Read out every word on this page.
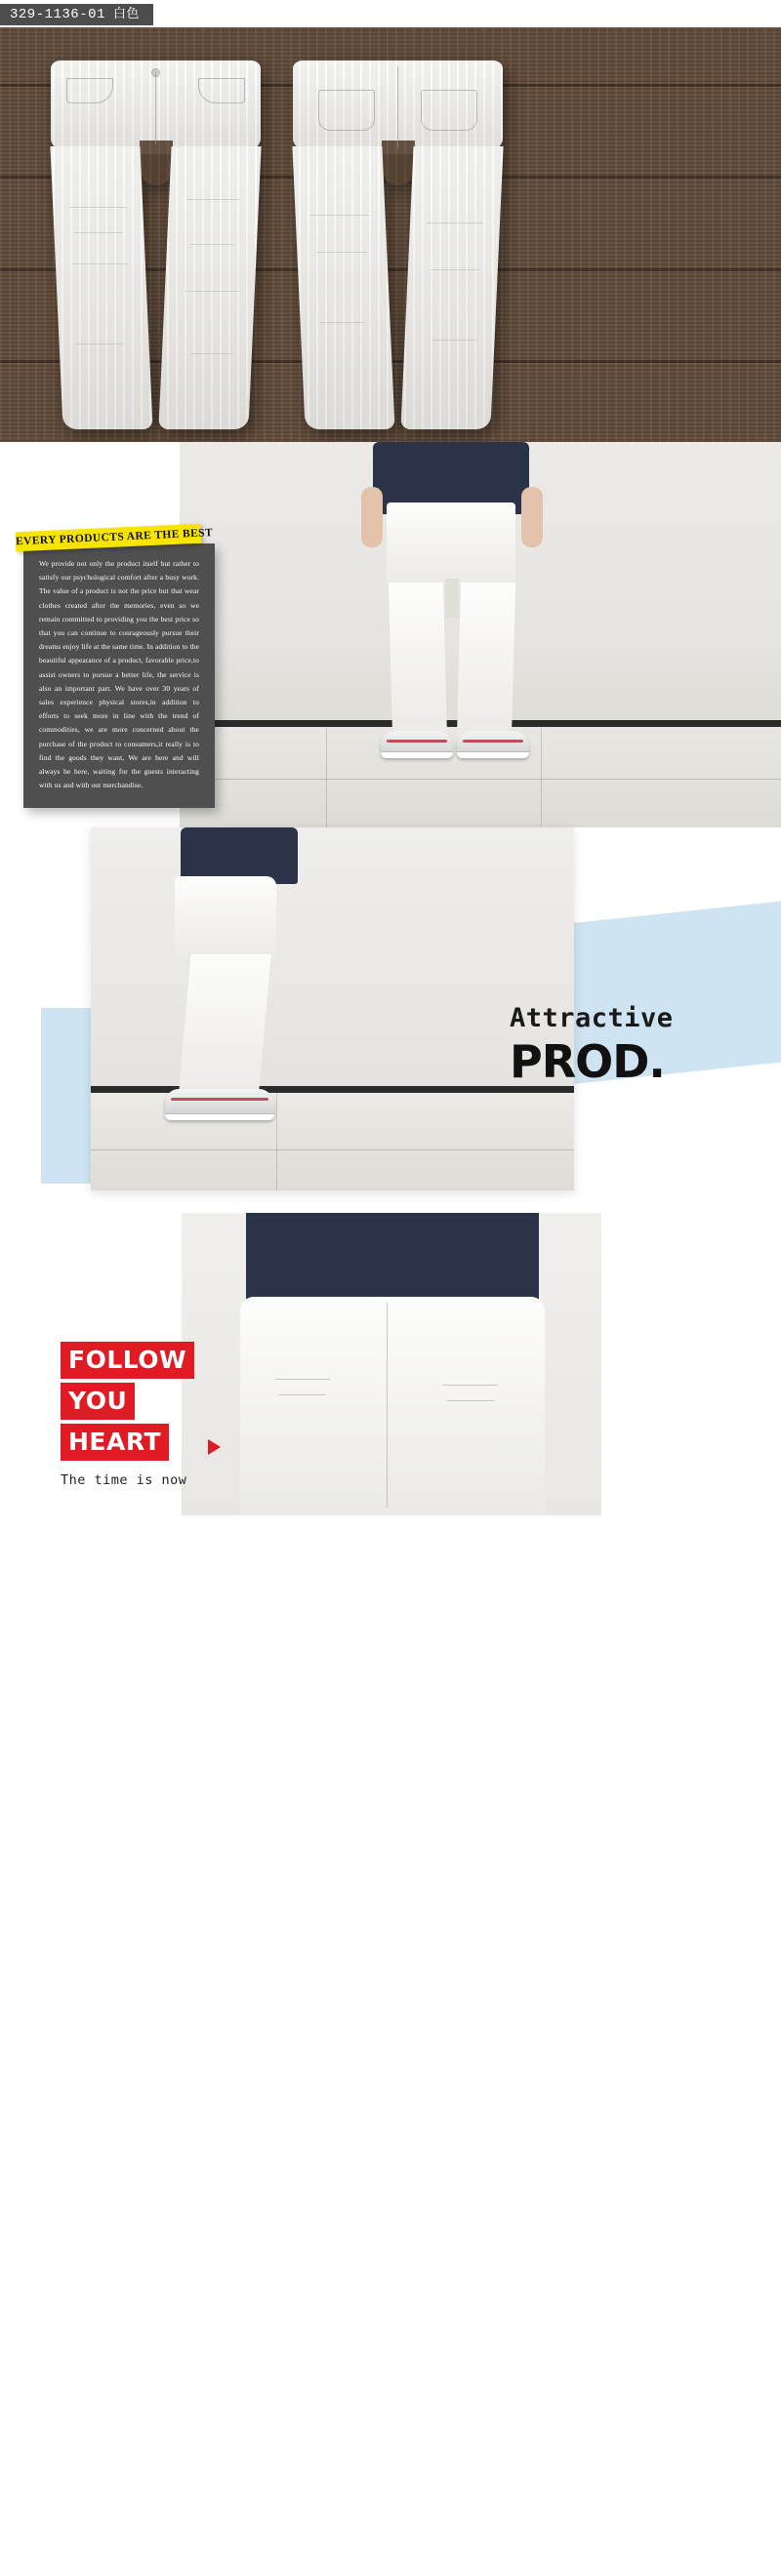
329-1136-01 白色

We provide not only the product itself but rather to satisfy our psychological comfort after a busy work. The value of a product is not the price but that wear clothes created after the memories, even so we remain committed to providing you the best price so that you can continue to courageously pursue their dreams enjoy life at the same time. In addition to the beautiful appearance of a product, favorable price,to assist owners to pursue a better life, the service is also an important part. We have over 30 years of sales experience physical stores,in addition to efforts to seek more in line with the trend of commodities, we are more concerned about the purchase of the product to consumers,it really is to find the goods they want, We are here and will always be here, waiting for the guests interacting with us and with out merchandise.

EVERY PRODUCTS ARE THE BEST
Attractive
PROD.
FOLLOW YOU HEART
The time is now
